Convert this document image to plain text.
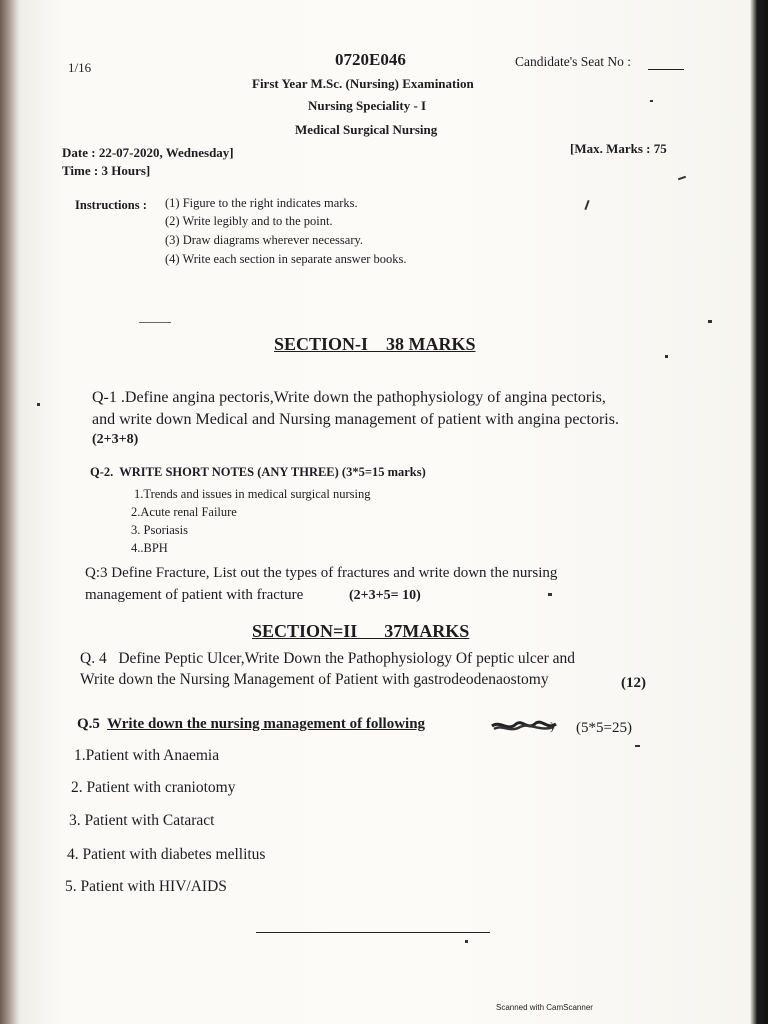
1/16	0720E046	Candidate's Seat No :
First Year M.Sc. (Nursing) Examination
Nursing Speciality - I
Medical Surgical Nursing
Date : 22-07-2020, Wednesday]
Time : 3 Hours]
[Max. Marks : 75
Instructions : (1) Figure to the right indicates marks.
(2) Write legibly and to the point.
(3) Draw diagrams wherever necessary.
(4) Write each section in separate answer books.
SECTION-I    38 MARKS
Q-1 .Define angina pectoris,Write down the pathophysiology of angina pectoris,
and write down Medical and Nursing management of patient with angina pectoris.
(2+3+8)
Q-2.  WRITE SHORT NOTES (ANY THREE) (3*5=15 marks)
1.Trends and issues in medical surgical nursing
2.Acute renal Failure
3. Psoriasis
4..BPH
Q:3 Define Fracture, List out the types of fractures and write down the nursing
management of patient with fracture	(2+3+5= 10)
SECTION=II      37MARKS
Q. 4   Define Peptic Ulcer,Write Down the Pathophysiology Of peptic ulcer and
Write down the Nursing Management of Patient with gastrodeodenaostomy	(12)
Q.5 Write down the nursing management of following	) (5*5=25)
1.Patient with Anaemia
2. Patient with craniotomy
3. Patient with Cataract
4. Patient with diabetes mellitus
5. Patient with HIV/AIDS
Scanned with CamScanner
